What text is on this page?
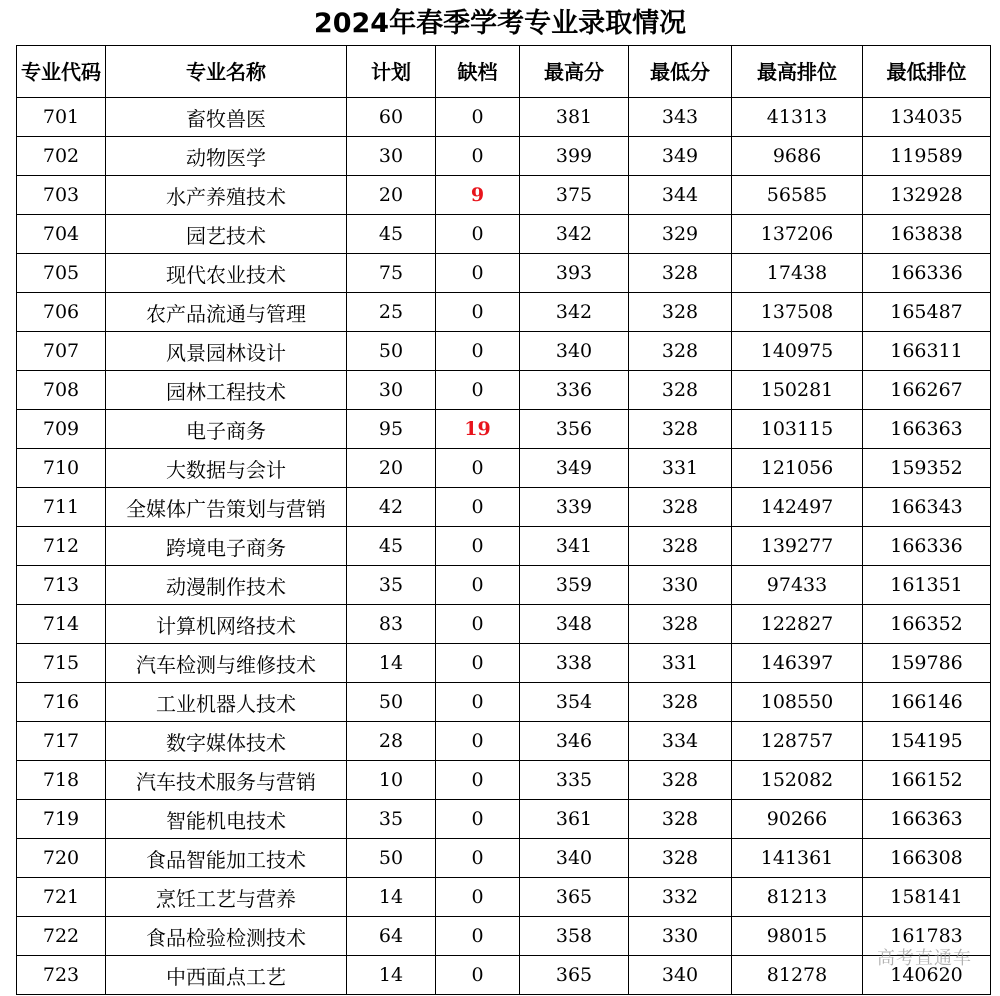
2024年春季学考专业录取情况
专业代码	专业名称	计划	缺档	最高分	最低分	最高排位	最低排位
701	畜牧兽医	60	0	381	343	41313	134035
702	动物医学	30	0	399	349	9686	119589
703	水产养殖技术	20	9	375	344	56585	132928
704	园艺技术	45	0	342	329	137206	163838
705	现代农业技术	75	0	393	328	17438	166336
706	农产品流通与管理	25	0	342	328	137508	165487
707	风景园林设计	50	0	340	328	140975	166311
708	园林工程技术	30	0	336	328	150281	166267
709	电子商务	95	19	356	328	103115	166363
710	大数据与会计	20	0	349	331	121056	159352
711	全媒体广告策划与营销	42	0	339	328	142497	166343
712	跨境电子商务	45	0	341	328	139277	166336
713	动漫制作技术	35	0	359	330	97433	161351
714	计算机网络技术	83	0	348	328	122827	166352
715	汽车检测与维修技术	14	0	338	331	146397	159786
716	工业机器人技术	50	0	354	328	108550	166146
717	数字媒体技术	28	0	346	334	128757	154195
718	汽车技术服务与营销	10	0	335	328	152082	166152
719	智能机电技术	35	0	361	328	90266	166363
720	食品智能加工技术	50	0	340	328	141361	166308
721	烹饪工艺与营养	14	0	365	332	81213	158141
722	食品检验检测技术	64	0	358	330	98015	161783
723	中西面点工艺	14	0	365	340	81278	140620
高考直通车
